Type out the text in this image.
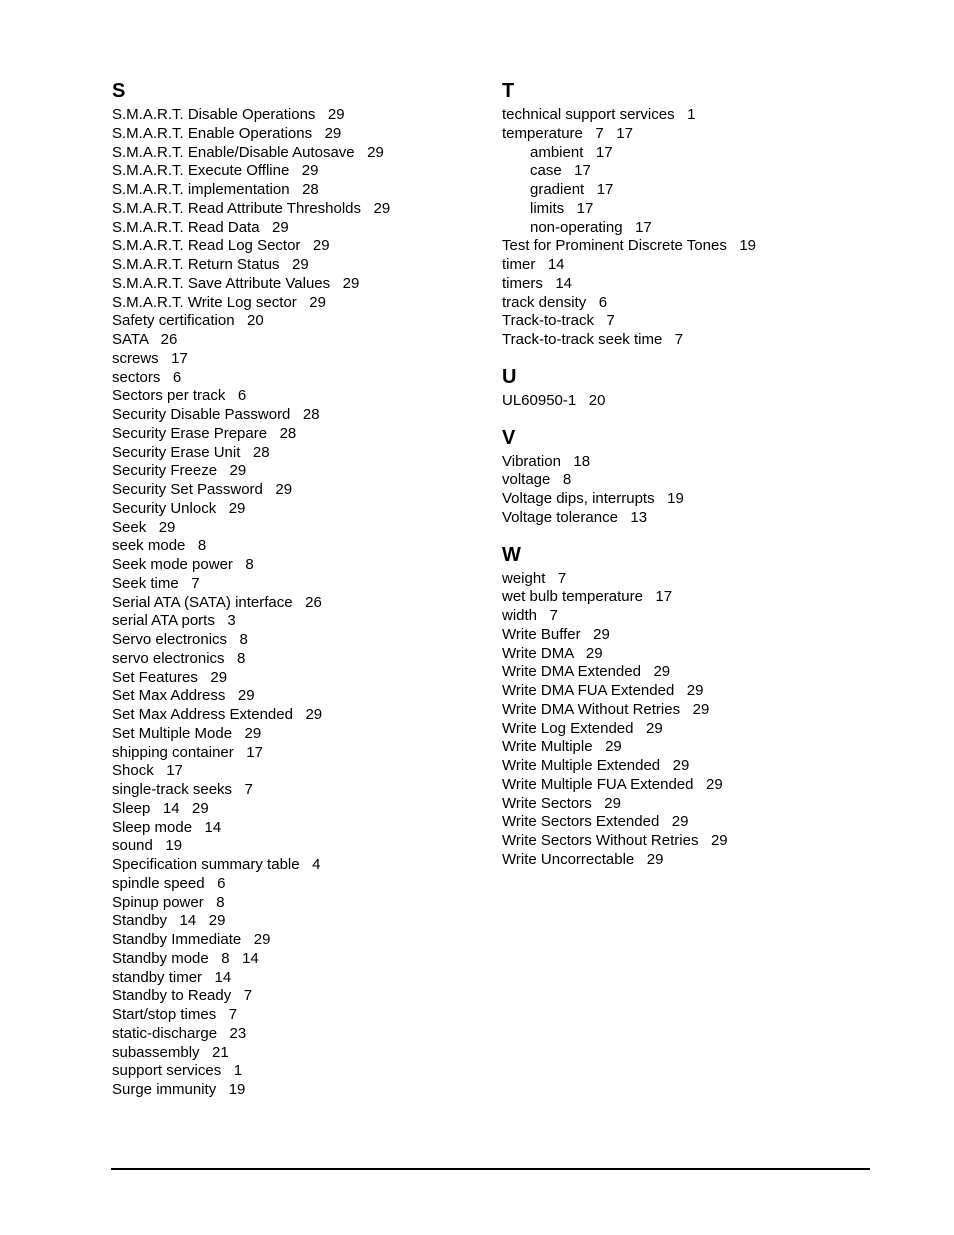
S
S.M.A.R.T. Disable Operations   29
S.M.A.R.T. Enable Operations   29
S.M.A.R.T. Enable/Disable Autosave   29
S.M.A.R.T. Execute Offline   29
S.M.A.R.T. implementation   28
S.M.A.R.T. Read Attribute Thresholds   29
S.M.A.R.T. Read Data   29
S.M.A.R.T. Read Log Sector   29
S.M.A.R.T. Return Status   29
S.M.A.R.T. Save Attribute Values   29
S.M.A.R.T. Write Log sector   29
Safety certification   20
SATA   26
screws   17
sectors   6
Sectors per track   6
Security Disable Password   28
Security Erase Prepare   28
Security Erase Unit   28
Security Freeze   29
Security Set Password   29
Security Unlock   29
Seek   29
seek mode   8
Seek mode power   8
Seek time   7
Serial ATA (SATA) interface   26
serial ATA ports   3
Servo electronics   8
servo electronics   8
Set Features   29
Set Max Address   29
Set Max Address Extended   29
Set Multiple Mode   29
shipping container   17
Shock   17
single-track seeks   7
Sleep   14   29
Sleep mode   14
sound   19
Specification summary table   4
spindle speed   6
Spinup power   8
Standby   14   29
Standby Immediate   29
Standby mode   8   14
standby timer   14
Standby to Ready   7
Start/stop times   7
static-discharge   23
subassembly   21
support services   1
Surge immunity   19
T
technical support services   1
temperature   7   17
ambient   17
case   17
gradient   17
limits   17
non-operating   17
Test for Prominent Discrete Tones   19
timer   14
timers   14
track density   6
Track-to-track   7
Track-to-track seek time   7
U
UL60950-1   20
V
Vibration   18
voltage   8
Voltage dips, interrupts   19
Voltage tolerance   13
W
weight   7
wet bulb temperature   17
width   7
Write Buffer   29
Write DMA   29
Write DMA Extended   29
Write DMA FUA Extended   29
Write DMA Without Retries   29
Write Log Extended   29
Write Multiple   29
Write Multiple Extended   29
Write Multiple FUA Extended   29
Write Sectors   29
Write Sectors Extended   29
Write Sectors Without Retries   29
Write Uncorrectable   29
